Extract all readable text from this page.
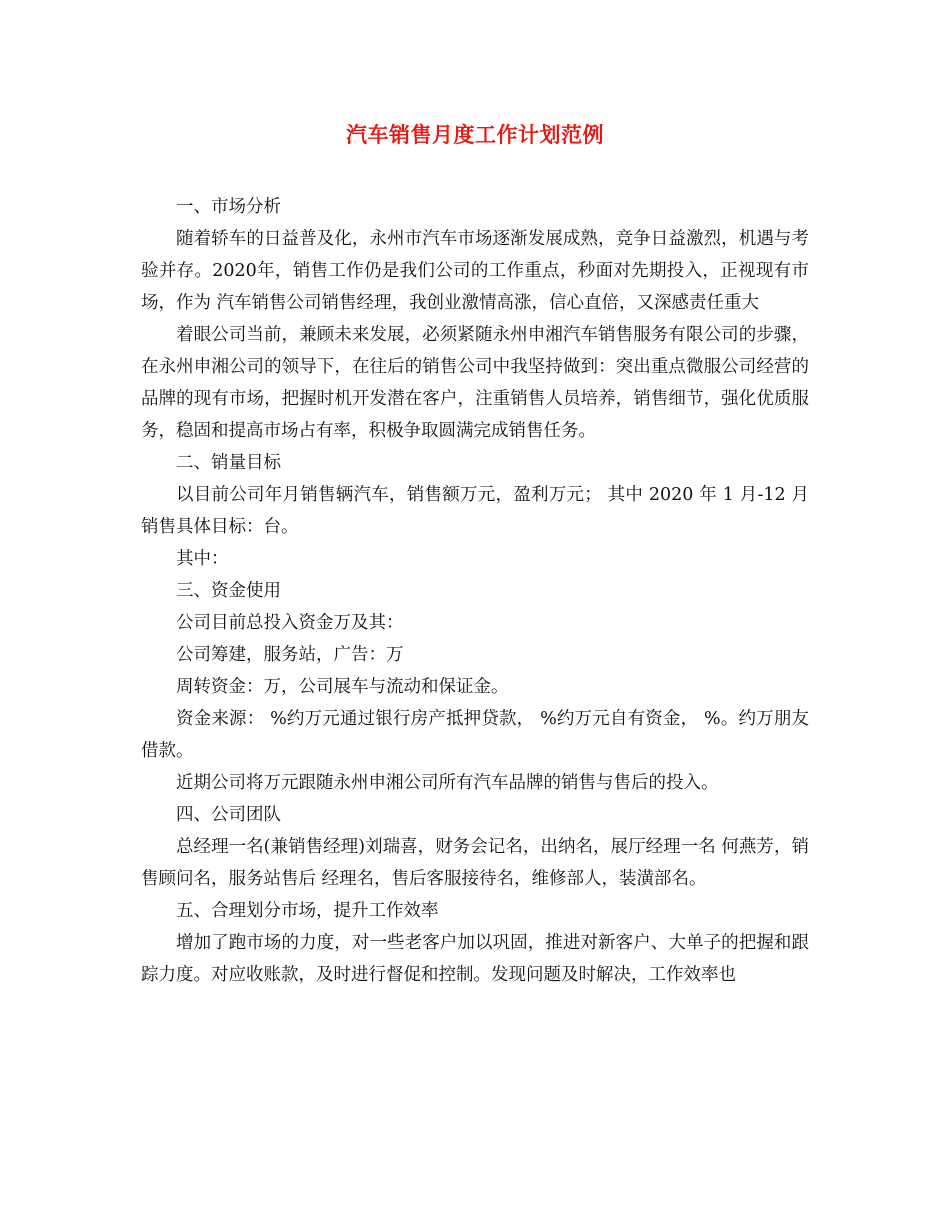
汽车销售月度工作计划范例

一、市场分析

随着轿车的日益普及化，永州市汽车市场逐渐发展成熟，竞争日益激烈，机遇与考验并存。2020年，销售工作仍是我们公司的工作重点，秒面对先期投入，正视现有市场，作为 汽车销售公司销售经理，我创业激情高涨，信心直倍，又深感责任重大

着眼公司当前，兼顾未来发展，必须紧随永州申湘汽车销售服务有限公司的步骤，在永州申湘公司的领导下，在往后的销售公司中我坚持做到：突出重点微服公司经营的品牌的现有市场，把握时机开发潜在客户，注重销售人员培养，销售细节，强化优质服务，稳固和提高市场占有率，积极争取圆满完成销售任务。

二、销量目标

以目前公司年月销售辆汽车，销售额万元，盈利万元； 其中 2020 年 1 月-12 月销售具体目标：台。

其中：

三、资金使用

公司目前总投入资金万及其：

公司筹建，服务站，广告：万

周转资金：万，公司展车与流动和保证金。

资金来源： %约万元通过银行房产抵押贷款， %约万元自有资金， %。约万朋友借款。

近期公司将万元跟随永州申湘公司所有汽车品牌的销售与售后的投入。

四、公司团队

总经理一名(兼销售经理)刘瑞喜，财务会记名，出纳名，展厅经理一名 何燕芳，销售顾问名，服务站售后 经理名，售后客服接待名，维修部人，装潢部名。

五、合理划分市场，提升工作效率

增加了跑市场的力度，对一些老客户加以巩固，推进对新客户、大单子的把握和跟踪力度。对应收账款，及时进行督促和控制。发现问题及时解决，工作效率也
